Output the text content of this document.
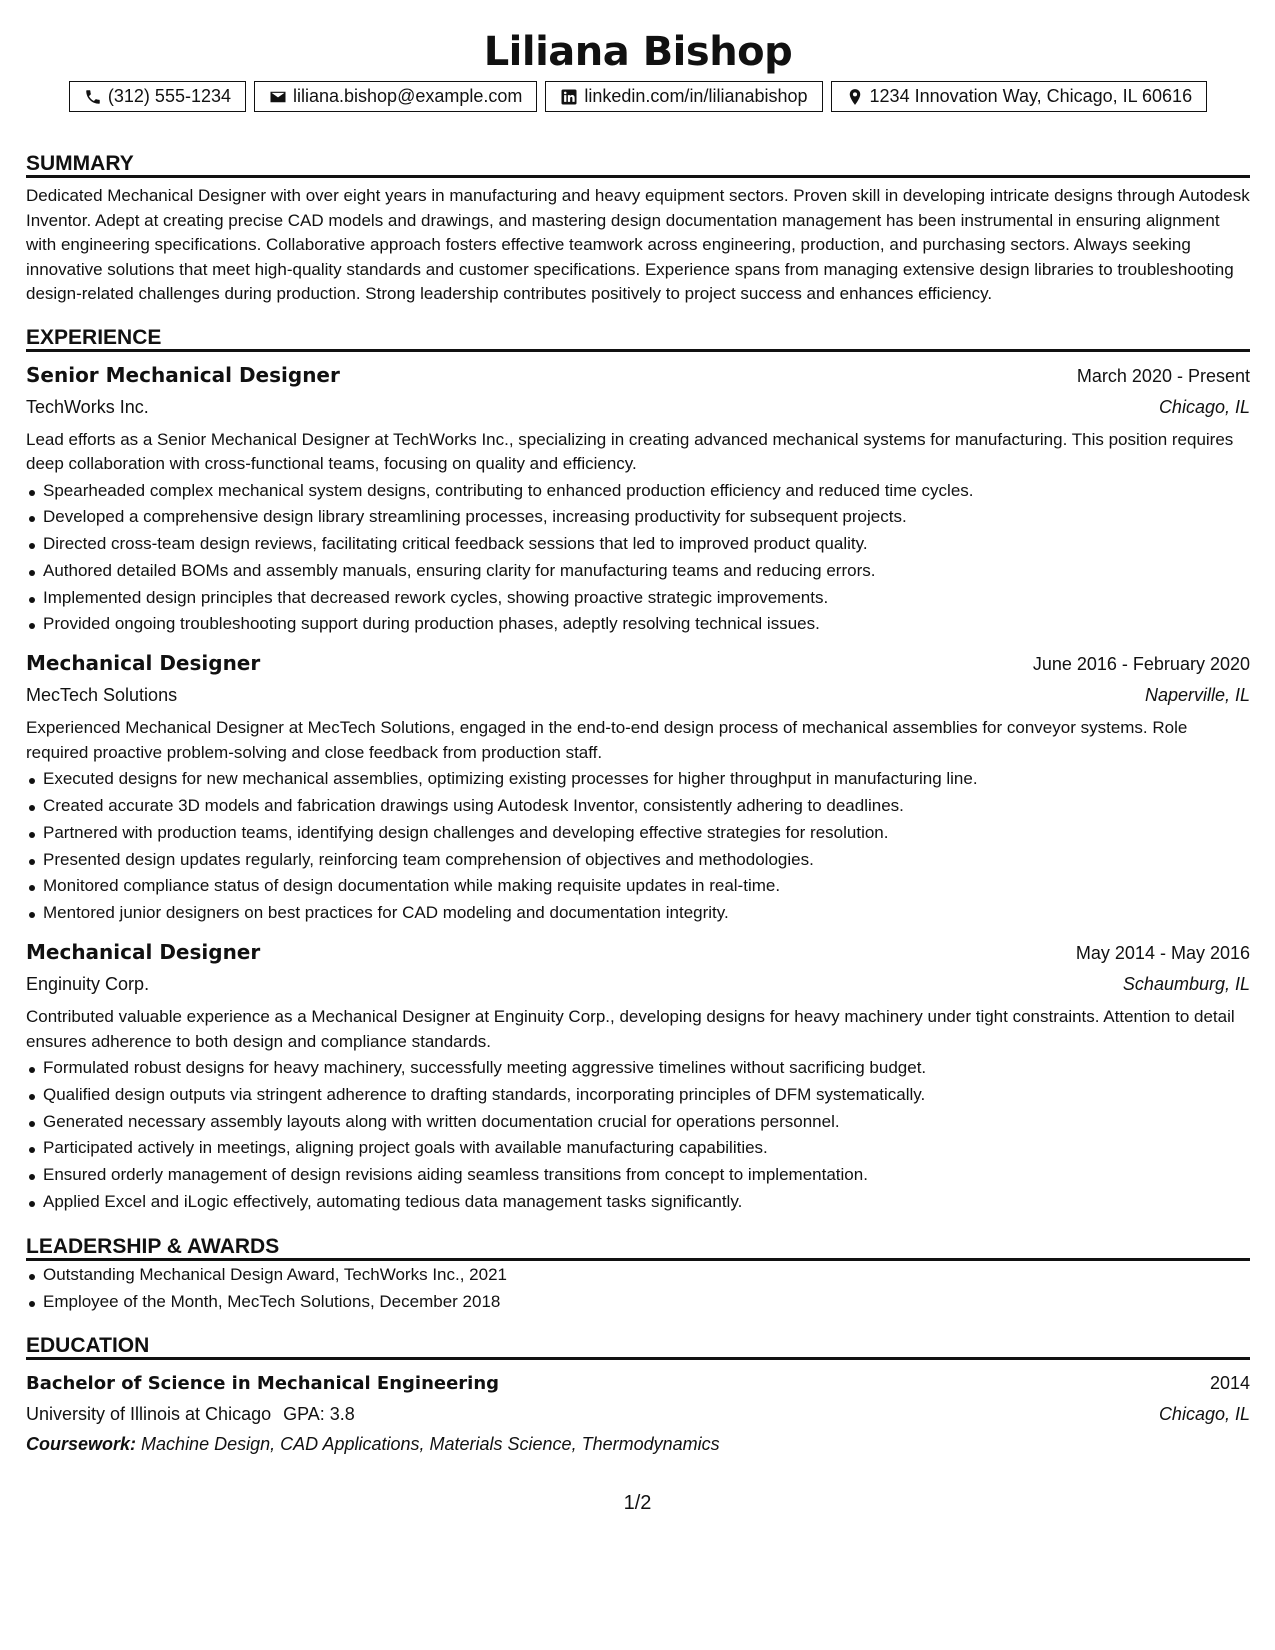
Liliana Bishop
(312) 555-1234	liliana.bishop@example.com	linkedin.com/in/lilianabishop	1234 Innovation Way, Chicago, IL 60616
SUMMARY

Dedicated Mechanical Designer with over eight years in manufacturing and heavy equipment sectors. Proven skill in developing intricate designs through Autodesk Inventor. Adept at creating precise CAD models and drawings, and mastering design documentation management has been instrumental in ensuring alignment with engineering specifications. Collaborative approach fosters effective teamwork across engineering, production, and purchasing sectors. Always seeking innovative solutions that meet high-quality standards and customer specifications. Experience spans from managing extensive design libraries to troubleshooting design-related challenges during production. Strong leadership contributes positively to project success and enhances efficiency.

EXPERIENCE
Senior Mechanical Designer	March 2020 - Present
TechWorks Inc.	Chicago, IL

Lead efforts as a Senior Mechanical Designer at TechWorks Inc., specializing in creating advanced mechanical systems for manufacturing. This position requires deep collaboration with cross-functional teams, focusing on quality and efficiency.

Spearheaded complex mechanical system designs, contributing to enhanced production efficiency and reduced time cycles.
Developed a comprehensive design library streamlining processes, increasing productivity for subsequent projects.
Directed cross-team design reviews, facilitating critical feedback sessions that led to improved product quality.
Authored detailed BOMs and assembly manuals, ensuring clarity for manufacturing teams and reducing errors.
Implemented design principles that decreased rework cycles, showing proactive strategic improvements.
Provided ongoing troubleshooting support during production phases, adeptly resolving technical issues.
Mechanical Designer	June 2016 - February 2020
MecTech Solutions	Naperville, IL

Experienced Mechanical Designer at MecTech Solutions, engaged in the end-to-end design process of mechanical assemblies for conveyor systems. Role required proactive problem-solving and close feedback from production staff.

Executed designs for new mechanical assemblies, optimizing existing processes for higher throughput in manufacturing line.
Created accurate 3D models and fabrication drawings using Autodesk Inventor, consistently adhering to deadlines.
Partnered with production teams, identifying design challenges and developing effective strategies for resolution.
Presented design updates regularly, reinforcing team comprehension of objectives and methodologies.
Monitored compliance status of design documentation while making requisite updates in real-time.
Mentored junior designers on best practices for CAD modeling and documentation integrity.
Mechanical Designer	May 2014 - May 2016
Enginuity Corp.	Schaumburg, IL

Contributed valuable experience as a Mechanical Designer at Enginuity Corp., developing designs for heavy machinery under tight constraints. Attention to detail ensures adherence to both design and compliance standards.

Formulated robust designs for heavy machinery, successfully meeting aggressive timelines without sacrificing budget.
Qualified design outputs via stringent adherence to drafting standards, incorporating principles of DFM systematically.
Generated necessary assembly layouts along with written documentation crucial for operations personnel.
Participated actively in meetings, aligning project goals with available manufacturing capabilities.
Ensured orderly management of design revisions aiding seamless transitions from concept to implementation.
Applied Excel and iLogic effectively, automating tedious data management tasks significantly.
LEADERSHIP & AWARDS
Outstanding Mechanical Design Award, TechWorks Inc., 2021
Employee of the Month, MecTech Solutions, December 2018
EDUCATION
Bachelor of Science in Mechanical Engineering	2014
University of Illinois at Chicago GPA: 3.8	Chicago, IL
Coursework: Machine Design, CAD Applications, Materials Science, Thermodynamics
1/2
